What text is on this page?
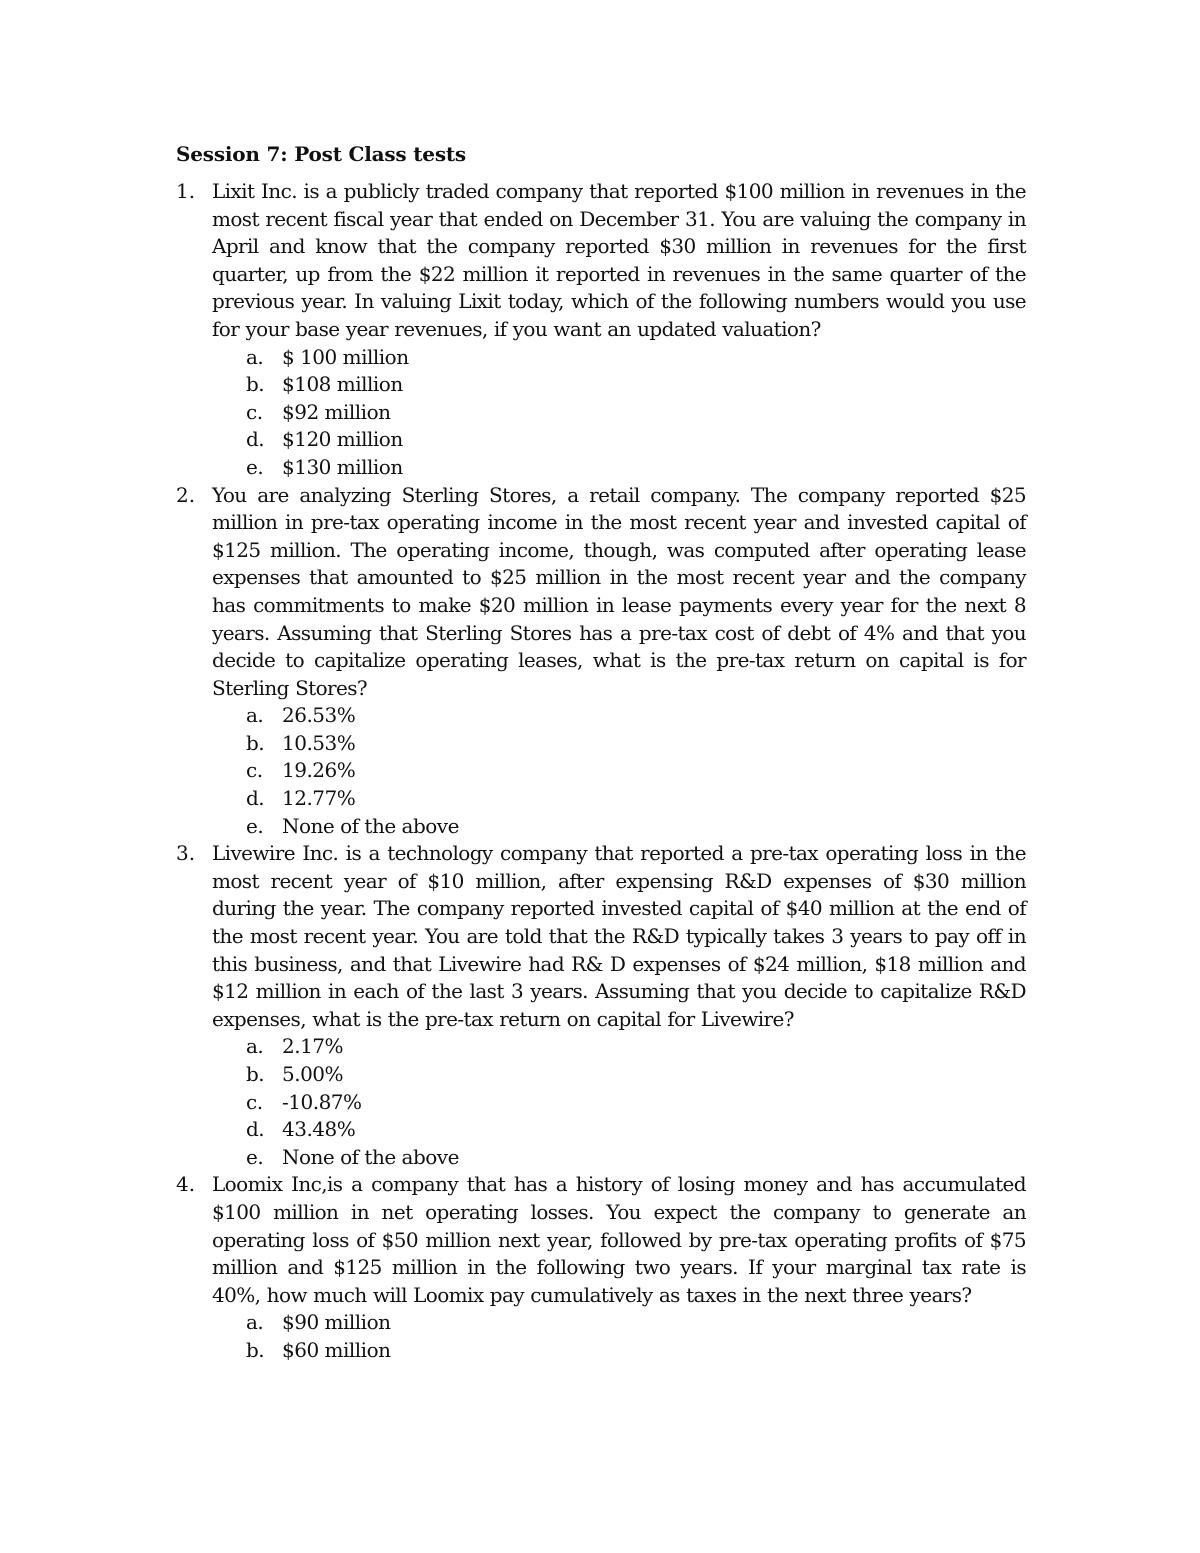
Session 7: Post Class tests
1. Lixit Inc. is a publicly traded company that reported $100 million in revenues in the most recent fiscal year that ended on December 31. You are valuing the company in April and know that the company reported $30 million in revenues for the first quarter, up from the $22 million it reported in revenues in the same quarter of the previous year. In valuing Lixit today, which of the following numbers would you use for your base year revenues, if you want an updated valuation?

a. $ 100 million
b. $108 million
c. $92 million
d. $120 million
e. $130 million
2. You are analyzing Sterling Stores, a retail company. The company reported $25 million in pre-tax operating income in the most recent year and invested capital of $125 million. The operating income, though, was computed after operating lease expenses that amounted to $25 million in the most recent year and the company has commitments to make $20 million in lease payments every year for the next 8 years. Assuming that Sterling Stores has a pre-tax cost of debt of 4% and that you decide to capitalize operating leases, what is the pre-tax return on capital is for Sterling Stores?

a. 26.53%
b. 10.53%
c. 19.26%
d. 12.77%
e. None of the above
3. Livewire Inc. is a technology company that reported a pre-tax operating loss in the most recent year of $10 million, after expensing R&D expenses of $30 million during the year. The company reported invested capital of $40 million at the end of the most recent year. You are told that the R&D typically takes 3 years to pay off in this business, and that Livewire had R& D expenses of $24 million, $18 million and $12 million in each of the last 3 years. Assuming that you decide to capitalize R&D expenses, what is the pre-tax return on capital for Livewire?

a. 2.17%
b. 5.00%
c. -10.87%
d. 43.48%
e. None of the above
4. Loomix Inc,is a company that has a history of losing money and has accumulated $100 million in net operating losses. You expect the company to generate an operating loss of $50 million next year, followed by pre-tax operating profits of $75 million and $125 million in the following two years. If your marginal tax rate is 40%, how much will Loomix pay cumulatively as taxes in the next three years?

a. $90 million
b. $60 million
